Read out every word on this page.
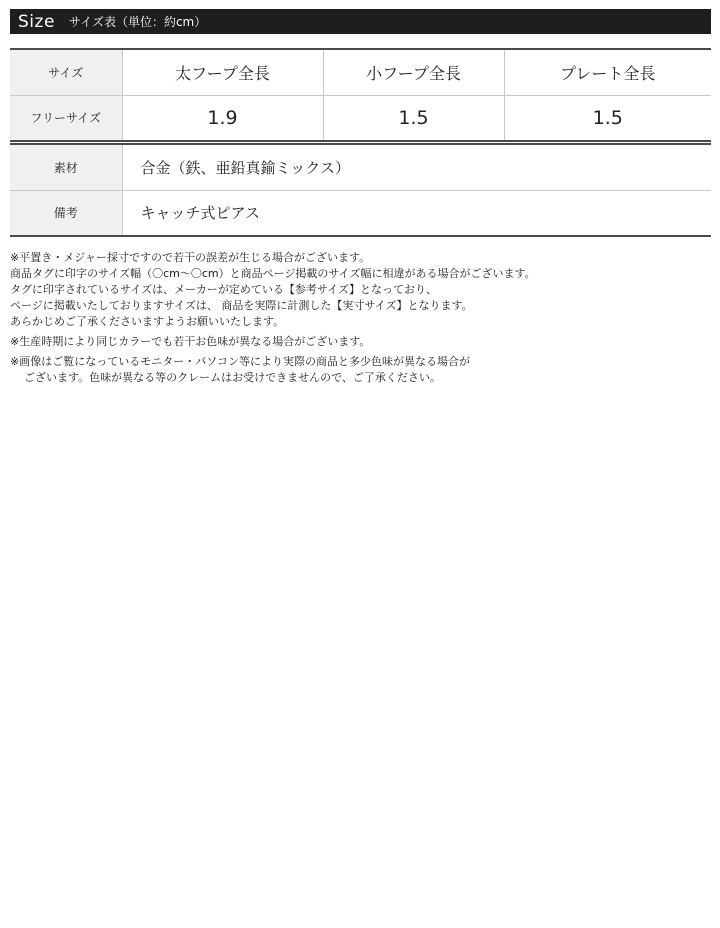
Size サイズ表（単位：約cm）
サイズ	太フープ全長	小フープ全長	プレート全長
フリーサイズ	1.9	1.5	1.5
素材	合金（鉄、亜鉛真鍮ミックス）
備考	キャッチ式ピアス

※平置き・メジャー採寸ですので若干の誤差が生じる場合がございます。

商品タグに印字のサイズ幅（〇cm〜〇cm）と商品ページ掲載のサイズ幅に相違がある場合がございます。

タグに印字されているサイズは、メーカーが定めている【参考サイズ】となっており、

ページに掲載いたしておりますサイズは、 商品を実際に計測した【実寸サイズ】となります。

あらかじめご了承くださいますようお願いいたします。

※生産時期により同じカラーでも若干お色味が異なる場合がございます。

※画像はご覧になっているモニター・パソコン等により実際の商品と多少色味が異なる場合が

ございます。色味が異なる等のクレームはお受けできませんので、ご了承ください。
